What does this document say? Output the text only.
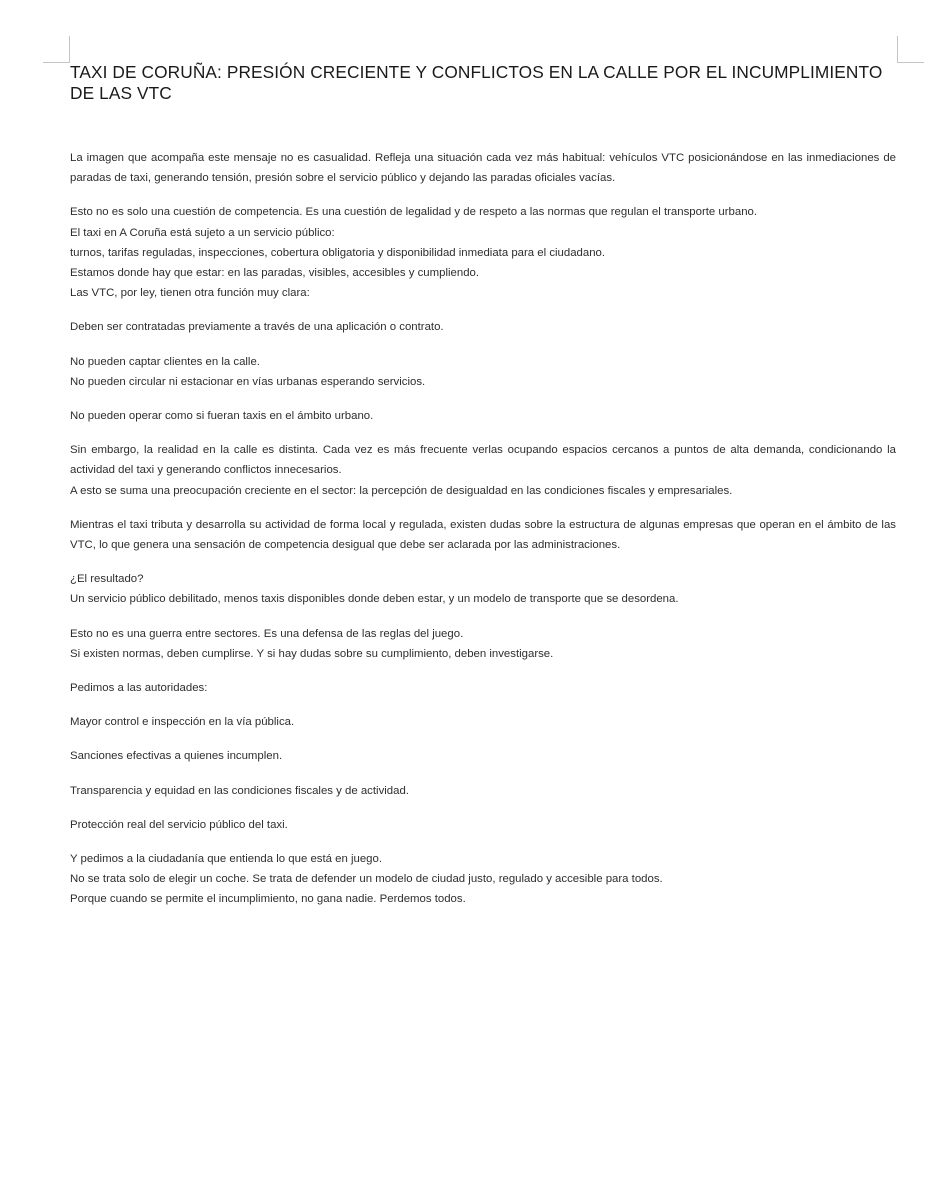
TAXI DE CORUÑA: PRESIÓN CRECIENTE Y CONFLICTOS EN LA CALLE POR EL INCUMPLIMIENTO DE LAS VTC

La imagen que acompaña este mensaje no es casualidad. Refleja una situación cada vez más habitual: vehículos VTC posicionándose en las inmediaciones de paradas de taxi, generando tensión, presión sobre el servicio público y dejando las paradas oficiales vacías.

Esto no es solo una cuestión de competencia. Es una cuestión de legalidad y de respeto a las normas que regulan el transporte urbano.
El taxi en A Coruña está sujeto a un servicio público:
turnos, tarifas reguladas, inspecciones, cobertura obligatoria y disponibilidad inmediata para el ciudadano.
Estamos donde hay que estar: en las paradas, visibles, accesibles y cumpliendo.
Las VTC, por ley, tienen otra función muy clara:

Deben ser contratadas previamente a través de una aplicación o contrato.

No pueden captar clientes en la calle.
No pueden circular ni estacionar en vías urbanas esperando servicios.

No pueden operar como si fueran taxis en el ámbito urbano.

Sin embargo, la realidad en la calle es distinta. Cada vez es más frecuente verlas ocupando espacios cercanos a puntos de alta demanda, condicionando la actividad del taxi y generando conflictos innecesarios.
A esto se suma una preocupación creciente en el sector: la percepción de desigualdad en las condiciones fiscales y empresariales.

Mientras el taxi tributa y desarrolla su actividad de forma local y regulada, existen dudas sobre la estructura de algunas empresas que operan en el ámbito de las VTC, lo que genera una sensación de competencia desigual que debe ser aclarada por las administraciones.

¿El resultado?
Un servicio público debilitado, menos taxis disponibles donde deben estar, y un modelo de transporte que se desordena.

Esto no es una guerra entre sectores. Es una defensa de las reglas del juego.
Si existen normas, deben cumplirse. Y si hay dudas sobre su cumplimiento, deben investigarse.

Pedimos a las autoridades:

Mayor control e inspección en la vía pública.

Sanciones efectivas a quienes incumplen.

Transparencia y equidad en las condiciones fiscales y de actividad.

Protección real del servicio público del taxi.

Y pedimos a la ciudadanía que entienda lo que está en juego.
No se trata solo de elegir un coche. Se trata de defender un modelo de ciudad justo, regulado y accesible para todos.
Porque cuando se permite el incumplimiento, no gana nadie. Perdemos todos.
